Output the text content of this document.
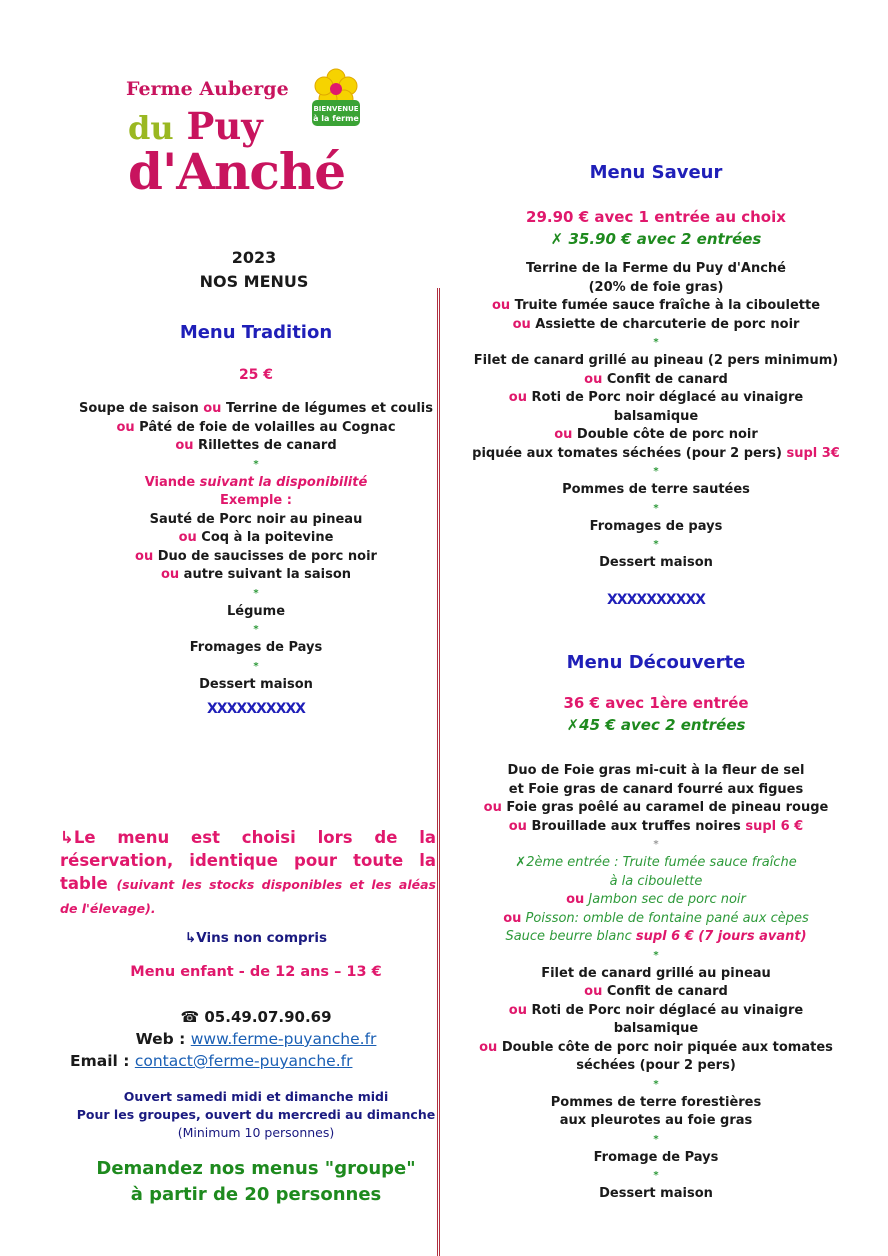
Ferme Auberge
du Puy
d'Anché
BIENVENUE
à la ferme
2023
NOS MENUS
Menu Tradition
25 €
Soupe de saison ou Terrine de légumes et coulis
ou Pâté de foie de volailles au Cognac
ou Rillettes de canard
*
Viande suivant la disponibilité
Exemple :
Sauté de Porc noir au pineau
ou Coq à la poitevine
ou Duo de saucisses de porc noir
ou autre suivant la saison
*
Légume
*
Fromages de Pays
*
Dessert maison
XXXXXXXXXX
↳Le menu est choisi lors de la réservation, identique pour toute la table (suivant les stocks disponibles et les aléas de l'élevage).
↳Vins non compris
Menu enfant - de 12 ans – 13 €
☎ 05.49.07.90.69
Web : www.ferme-puyanche.fr
Email : contact@ferme-puyanche.fr
Ouvert samedi midi et dimanche midi
Pour les groupes, ouvert du mercredi au dimanche
(Minimum 10 personnes)
Demandez nos menus "groupe"
à partir de 20 personnes
Menu Saveur
29.90 € avec 1 entrée au choix
✗ 35.90 € avec 2 entrées
Terrine de la Ferme du Puy d'Anché
(20% de foie gras)
ou Truite fumée sauce fraîche à la ciboulette
ou Assiette de charcuterie de porc noir
*
Filet de canard grillé au pineau (2 pers minimum)
ou Confit de canard
ou Roti de Porc noir déglacé au vinaigre
balsamique
ou Double côte de porc noir
piquée aux tomates séchées (pour 2 pers) supl 3€
*
Pommes de terre sautées
*
Fromages de pays
*
Dessert maison
XXXXXXXXXX
Menu Découverte
36 € avec 1ère entrée
✗45 € avec 2 entrées
Duo de Foie gras mi-cuit à la fleur de sel
et Foie gras de canard fourré aux figues
ou Foie gras poêlé au caramel de pineau rouge
ou Brouillade aux truffes noires supl 6 €
*
✗2ème entrée : Truite fumée sauce fraîche
à la ciboulette
ou Jambon sec de porc noir
ou Poisson: omble de fontaine pané aux cèpes
Sauce beurre blanc supl 6 € (7 jours avant)
*
Filet de canard grillé au pineau
ou Confit de canard
ou Roti de Porc noir déglacé au vinaigre
balsamique
ou Double côte de porc noir piquée aux tomates
séchées (pour 2 pers)
*
Pommes de terre forestières
aux pleurotes au foie gras
*
Fromage de Pays
*
Dessert maison
